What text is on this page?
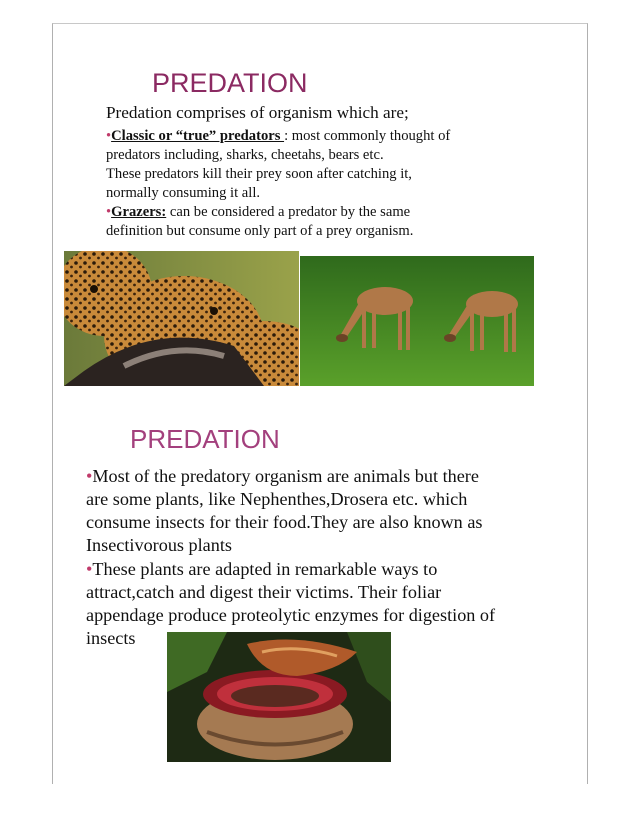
PREDATION
Predation comprises of organism which are;
•Classic or “true” predators : most commonly thought of
predators including, sharks, cheetahs, bears etc.
These predators kill their prey soon after catching it,
normally consuming it all.
•Grazers: can be considered a predator by the same
definition but consume only part of a prey organism.
PREDATION
•Most of the predatory organism are animals but there
are some plants, like Nephenthes,Drosera etc. which
consume insects for their food.They are also known as
Insectivorous plants
•These plants are adapted in remarkable ways to
attract,catch and digest their victims. Their foliar
appendage produce proteolytic enzymes for digestion of
insects
